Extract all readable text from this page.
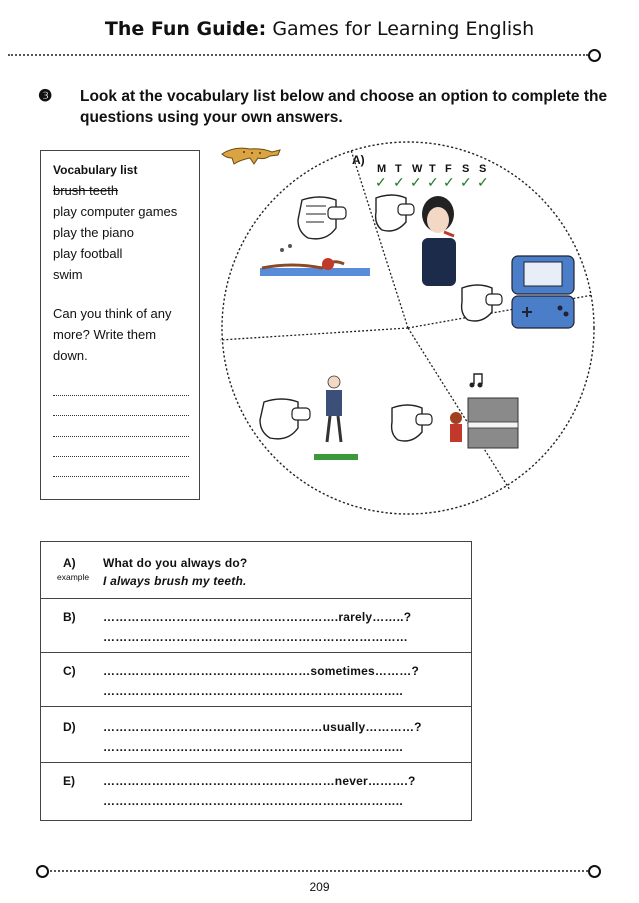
The Fun Guide: Games for Learning English
❸ Look at the vocabulary list below and choose an option to complete the questions using your own answers.
Vocabulary list
brush teeth
play computer games
play the piano
play football
swim
Can you think of any
more? Write them
down.
A)
M T W T F S S
✓ ✓ ✓ ✓ ✓ ✓ ✓
A)
example
What do you always do?
I always brush my teeth.
B) ………………………………………………….rarely……..?
…………………………………………………………………
C) ……………………………………………sometimes………?
………………………………………………………………..
D) ………………………………………………usually…………?
………………………………………………………………..
E) …………………………………………………never……….?
………………………………………………………………..
209
